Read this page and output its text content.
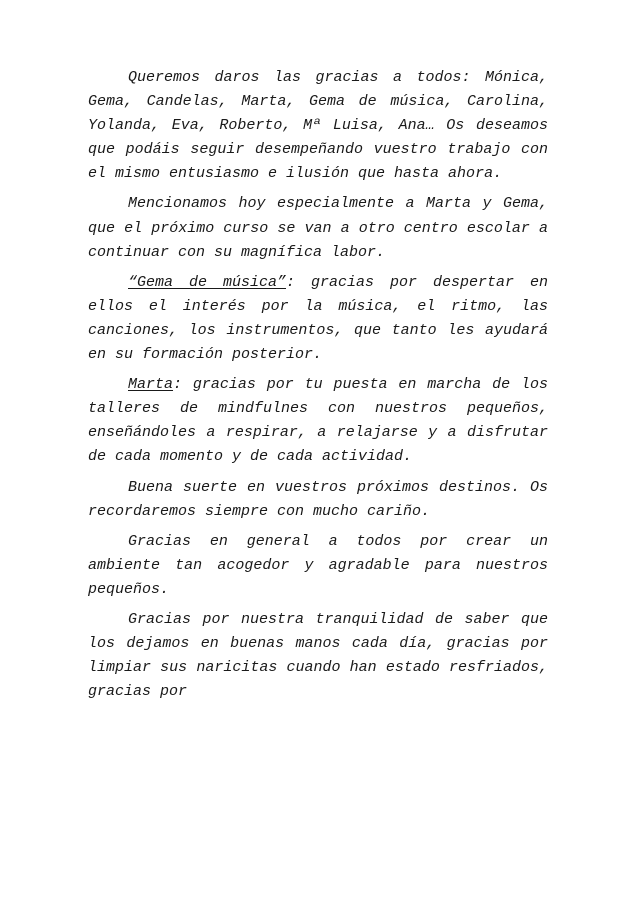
Queremos daros las gracias a todos: Mónica, Gema, Candelas, Marta, Gema de música, Carolina, Yolanda, Eva, Roberto, Mª Luisa, Ana… Os deseamos que podáis seguir desempeñando vuestro trabajo con el mismo entusiasmo e ilusión que hasta ahora.

Mencionamos hoy especialmente a Marta y Gema, que el próximo curso se van a otro centro escolar a continuar con su magnífica labor.

“Gema de música”: gracias por despertar en ellos el interés por la música, el ritmo, las canciones, los instrumentos, que tanto les ayudará en su formación posterior.

Marta: gracias por tu puesta en marcha de los talleres de mindfulnes con nuestros pequeños, enseñándoles a respirar, a relajarse y a disfrutar de cada momento y de cada actividad.

Buena suerte en vuestros próximos destinos. Os recordaremos siempre con mucho cariño.

Gracias en general a todos por crear un ambiente tan acogedor y agradable para nuestros pequeños.

Gracias por nuestra tranquilidad de saber que los dejamos en buenas manos cada día, gracias por limpiar sus naricitas cuando han estado resfriados, gracias por
